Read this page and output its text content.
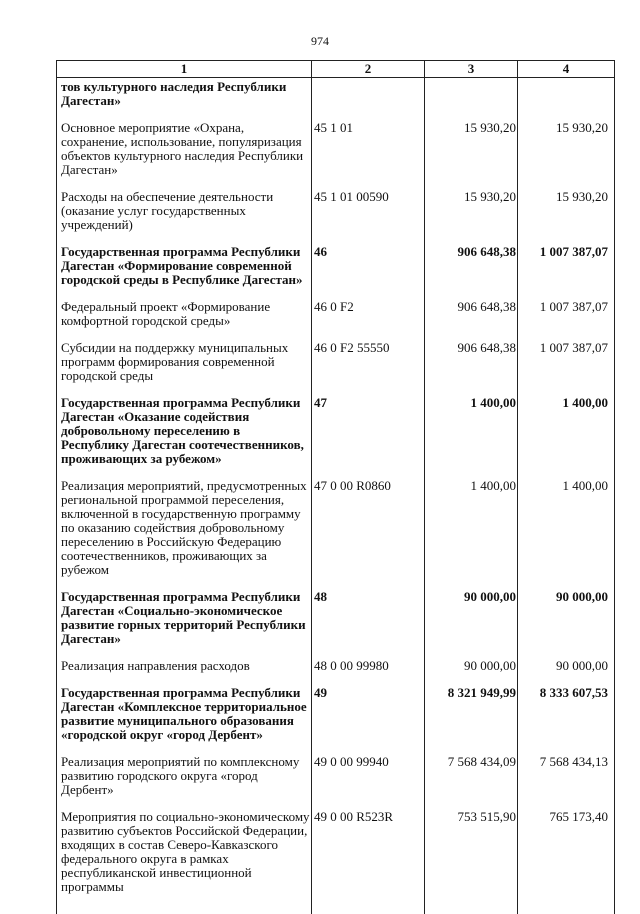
974
1	2	3	4
тов культурного наследия Республики Дагестан»			
Основное мероприятие «Охрана, сохранение, использование, популяризация объектов культурного наследия Республики Дагестан»	45 1 01	15 930,20	15 930,20
Расходы на обеспечение деятельности (оказание услуг государственных учреждений)	45 1 01 00590	15 930,20	15 930,20
Государственная программа Республики Дагестан «Формирование современной городской среды в Республике Дагестан»	46	906 648,38	1 007 387,07
Федеральный проект «Формирование комфортной городской среды»	46 0 F2	906 648,38	1 007 387,07
Субсидии на поддержку муниципальных программ формирования современной городской среды	46 0 F2 55550	906 648,38	1 007 387,07
Государственная программа Республики Дагестан «Оказание содействия добровольному переселению в Республику Дагестан соотечественников, проживающих за рубежом»	47	1 400,00	1 400,00
Реализация мероприятий, предусмотренных региональной программой переселения, включенной в государственную программу по оказанию содействия добровольному переселению в Российскую Федерацию соотечественников, проживающих за рубежом	47 0 00 R0860	1 400,00	1 400,00
Государственная программа Республики Дагестан «Социально-экономическое развитие горных территорий Республики Дагестан»	48	90 000,00	90 000,00
Реализация направления расходов	48 0 00 99980	90 000,00	90 000,00
Государственная программа Республики Дагестан «Комплексное территориальное развитие муниципального образования «городской округ «город Дербент»	49	8 321 949,99	8 333 607,53
Реализация мероприятий по комплексному развитию городского округа «город Дербент»	49 0 00 99940	7 568 434,09	7 568 434,13
Мероприятия по социально-экономическому развитию субъектов Российской Федерации, входящих в состав Северо-Кавказского федерального округа в рамках республиканской инвестиционной программы	49 0 00 R523R	753 515,90	765 173,40
